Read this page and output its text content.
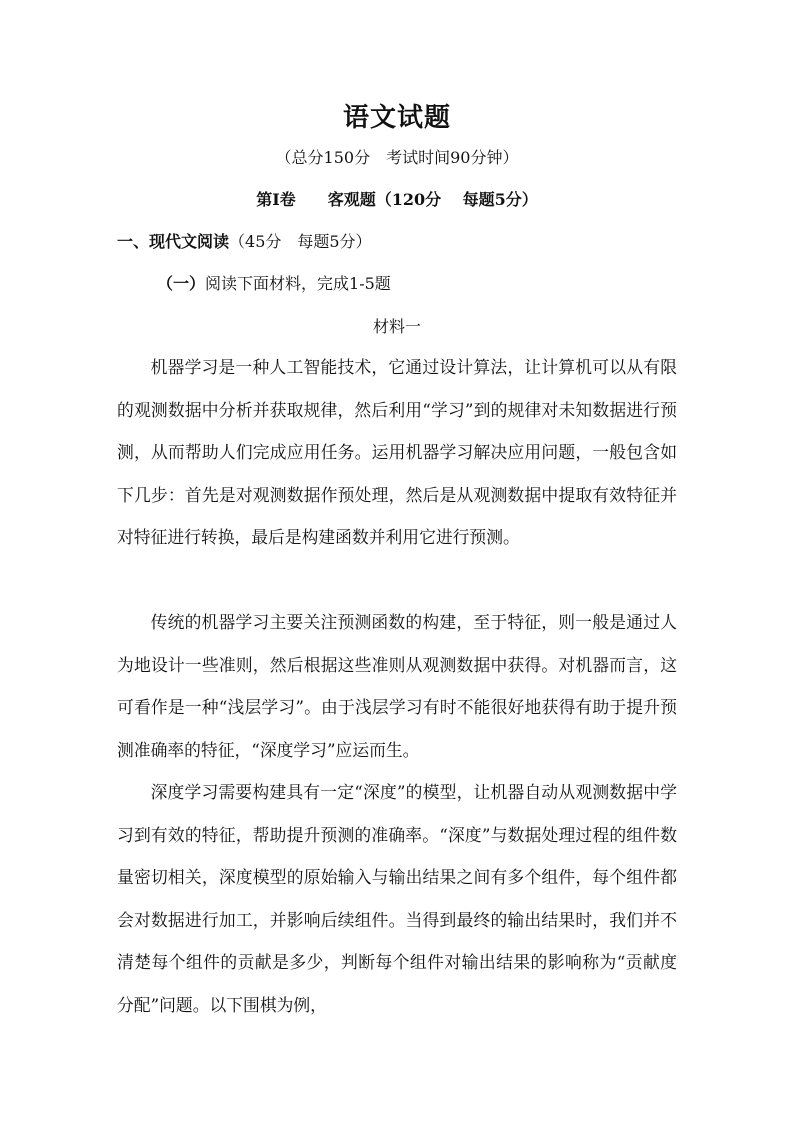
语文试题
（总分150分　考试时间90分钟）
第Ⅰ卷　　 客观题（120分　 每题5分）
一、现代文阅读（45分　每题5分）
（一）阅读下面材料，完成1-5题
材料一

机器学习是一种人工智能技术，它通过设计算法，让计算机可以从有限的观测数据中分析并获取规律，然后利用“学习”到的规律对未知数据进行预测，从而帮助人们完成应用任务。运用机器学习解决应用问题，一般包含如下几步：首先是对观测数据作预处理，然后是从观测数据中提取有效特征并对特征进行转换，最后是构建函数并利用它进行预测。

传统的机器学习主要关注预测函数的构建，至于特征，则一般是通过人为地设计一些准则，然后根据这些准则从观测数据中获得。对机器而言，这可看作是一种“浅层学习”。由于浅层学习有时不能很好地获得有助于提升预测准确率的特征，“深度学习”应运而生。

深度学习需要构建具有一定“深度”的模型，让机器自动从观测数据中学习到有效的特征，帮助提升预测的准确率。“深度”与数据处理过程的组件数量密切相关，深度模型的原始输入与输出结果之间有多个组件，每个组件都会对数据进行加工，并影响后续组件。当得到最终的输出结果时，我们并不清楚每个组件的贡献是多少，判断每个组件对输出结果的影响称为“贡献度分配”问题。以下围棋为例，
